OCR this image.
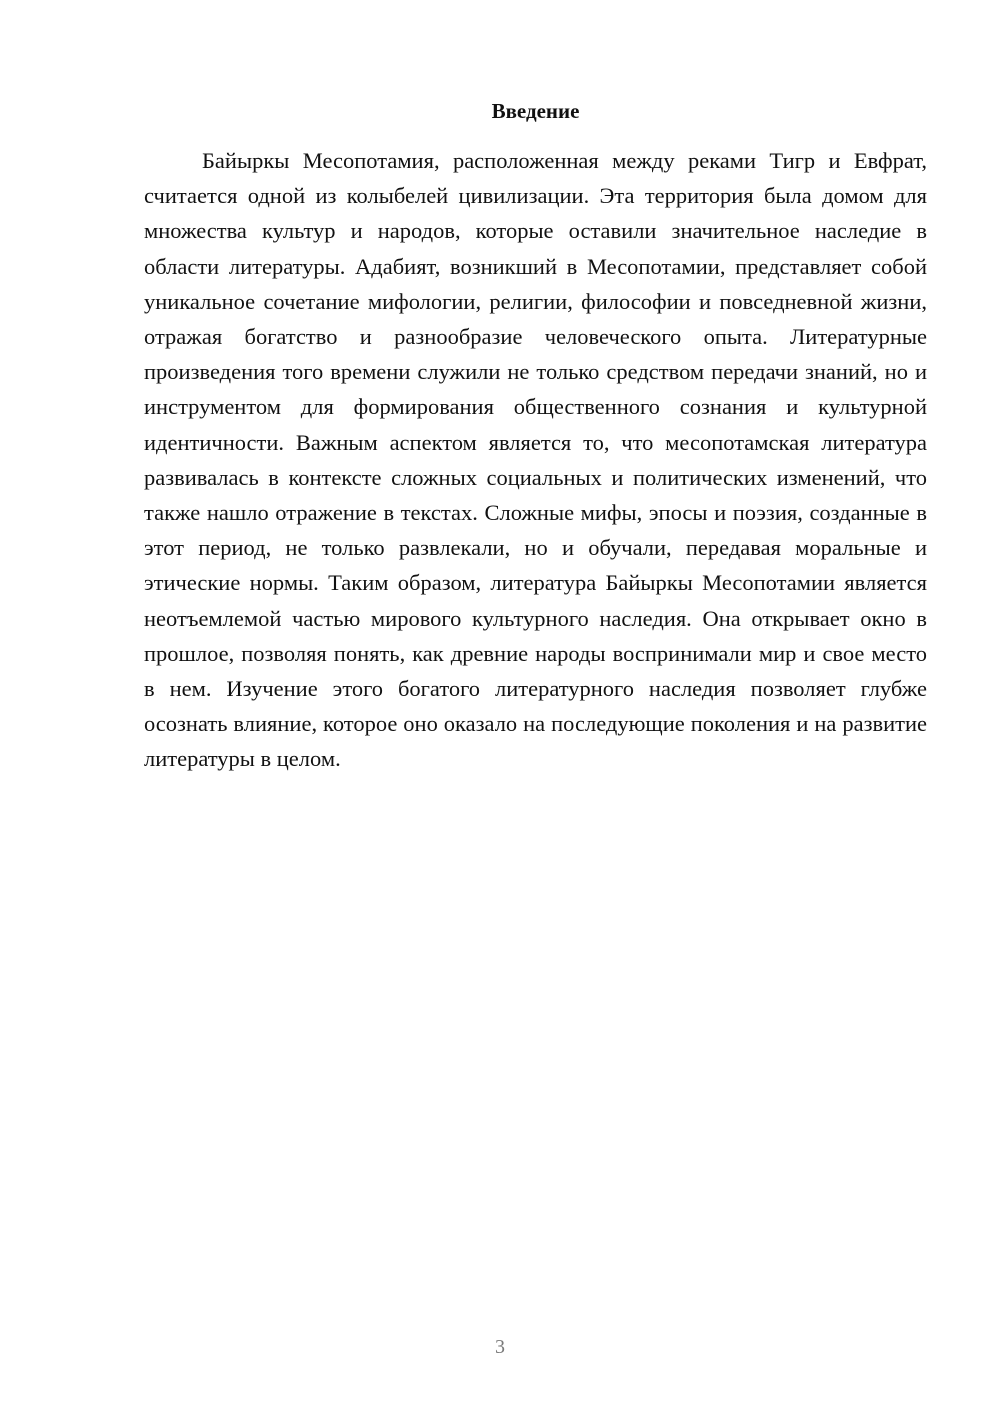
Введение

Байыркы Месопотамия, расположенная между реками Тигр и Евфрат, считается одной из колыбелей цивилизации. Эта территория была домом для множества культур и народов, которые оставили значительное наследие в области литературы. Адабият, возникший в Месопотамии, представляет собой уникальное сочетание мифологии, религии, философии и повседневной жизни, отражая богатство и разнообразие человеческого опыта. Литературные произведения того времени служили не только средством передачи знаний, но и инструментом для формирования общественного сознания и культурной идентичности. Важным аспектом является то, что месопотамская литература развивалась в контексте сложных социальных и политических изменений, что также нашло отражение в текстах. Сложные мифы, эпосы и поэзия, созданные в этот период, не только развлекали, но и обучали, передавая моральные и этические нормы. Таким образом, литература Байыркы Месопотамии является неотъемлемой частью мирового культурного наследия. Она открывает окно в прошлое, позволяя понять, как древние народы воспринимали мир и свое место в нем. Изучение этого богатого литературного наследия позволяет глубже осознать влияние, которое оно оказало на последующие поколения и на развитие литературы в целом.

3
